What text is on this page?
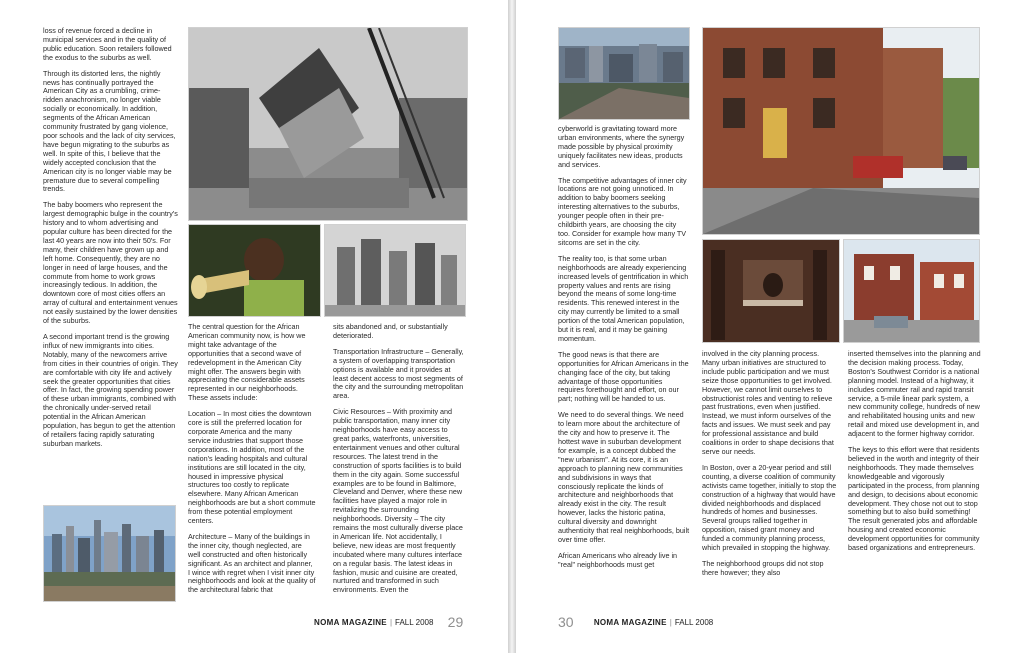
loss of revenue forced a decline in municipal services and in the quality of public education. Soon retailers followed the exodus to the suburbs as well.

Through its distorted lens, the nightly news has continually portrayed the American City as a crumbling, crime-ridden anachronism, no longer viable socially or economically. In addition, segments of the African American community frustrated by gang violence, poor schools and the lack of city services, have begun migrating to the suburbs as well. In spite of this, I believe that the widely accepted conclusion that the American city is no longer viable may be premature due to several compelling trends.

The baby boomers who represent the largest demographic bulge in the country's history and to whom advertising and popular culture has been directed for the last 40 years are now into their 50's. For many, their children have grown up and left home. Consequently, they are no longer in need of large houses, and the commute from home to work grows increasingly tedious. In addition, the downtown core of most cities offers an array of cultural and entertainment venues not easily sustained by the lower densities of the suburbs.

A second important trend is the growing influx of new immigrants into cities. Notably, many of the newcomers arrive from cities in their countries of origin. They are comfortable with city life and actively seek the greater opportunities that cities offer. In fact, the growing spending power of these urban immigrants, combined with the chronically under-served retail potential in the African American population, has begun to get the attention of retailers facing rapidly saturating suburban markets.

The central question for the African American community now, is how we might take advantage of the opportunities that a second wave of redevelopment in the American City might offer. The answers begin with appreciating the considerable assets represented in our neighborhoods. These assets include:

Location – In most cities the downtown core is still the preferred location for corporate America and the many service industries that support those corporations. In addition, most of the nation's leading hospitals and cultural institutions are still located in the city, housed in impressive physical structures too costly to replicate elsewhere. Many African American neighborhoods are but a short commute from these potential employment centers.

Architecture – Many of the buildings in the inner city, though neglected, are well constructed and often historically significant. As an architect and planner, I wince with regret when I visit inner city neighborhoods and look at the quality of the architectural fabric that

sits abandoned and, or substantially deteriorated.

Transportation Infrastructure – Generally, a system of overlapping transportation options is available and it provides at least decent access to most segments of the city and the surrounding metropolitan area.

Civic Resources – With proximity and public transportation, many inner city neighborhoods have easy access to great parks, waterfronts, universities, entertainment venues and other cultural resources. The latest trend in the construction of sports facilities is to build them in the city again. Some successful examples are to be found in Baltimore, Cleveland and Denver, where these new facilities have played a major role in revitalizing the surrounding neighborhoods. Diversity – The city remains the most culturally diverse place in American life. Not accidentally, I believe, new ideas are most frequently incubated where many cultures interface on a regular basis. The latest ideas in fashion, music and cuisine are created, nurtured and transformed in such environments. Even the

NOMA MAGAZINE | FALL 2008 29

cyberworld is gravitating toward more urban environments, where the synergy made possible by physical proximity uniquely facilitates new ideas, products and services.

The competitive advantages of inner city locations are not going unnoticed. In addition to baby boomers seeking interesting alternatives to the suburbs, younger people often in their pre-childbirth years, are choosing the city too. Consider for example how many TV sitcoms are set in the city.

The reality too, is that some urban neighborhoods are already experiencing increased levels of gentrification in which property values and rents are rising beyond the means of some long-time residents. This renewed interest in the city may currently be limited to a small portion of the total American population, but it is real, and it may be gaining momentum.

The good news is that there are opportunities for African Americans in the changing face of the city, but taking advantage of those opportunities requires forethought and effort, on our part; nothing will be handed to us.

We need to do several things. We need to learn more about the architecture of the city and how to preserve it. The hottest wave in suburban development for example, is a concept dubbed the "new urbanism". At its core, it is an approach to planning new communities and subdivisions in ways that consciously replicate the kinds of architecture and neighborhoods that already exist in the city. The result however, lacks the historic patina, cultural diversity and downright authenticity that real neighborhoods, built over time offer.

African Americans who already live in "real" neighborhoods must get

involved in the city planning process. Many urban initiatives are structured to include public participation and we must seize those opportunities to get involved. However, we cannot limit ourselves to obstructionist roles and venting to relieve past frustrations, even when justified. Instead, we must inform ourselves of the facts and issues. We must seek and pay for professional assistance and build coalitions in order to shape decisions that serve our needs.

In Boston, over a 20-year period and still counting, a diverse coalition of community activists came together, initially to stop the construction of a highway that would have divided neighborhoods and displaced hundreds of homes and businesses. Several groups rallied together in opposition, raised grant money and funded a community planning process, which prevailed in stopping the highway.

The neighborhood groups did not stop there however; they also

inserted themselves into the planning and the decision making process. Today, Boston's Southwest Corridor is a national planning model. Instead of a highway, it includes commuter rail and rapid transit service, a 5-mile linear park system, a new community college, hundreds of new and rehabilitated housing units and new retail and mixed use development in, and adjacent to the former highway corridor.

The keys to this effort were that residents believed in the worth and integrity of their neighborhoods. They made themselves knowledgeable and vigorously participated in the process, from planning and design, to decisions about economic development. They chose not out to stop something but to also build something! The result generated jobs and affordable housing and created economic development opportunities for community based organizations and entrepreneurs.

30	NOMA MAGAZINE | FALL 2008
